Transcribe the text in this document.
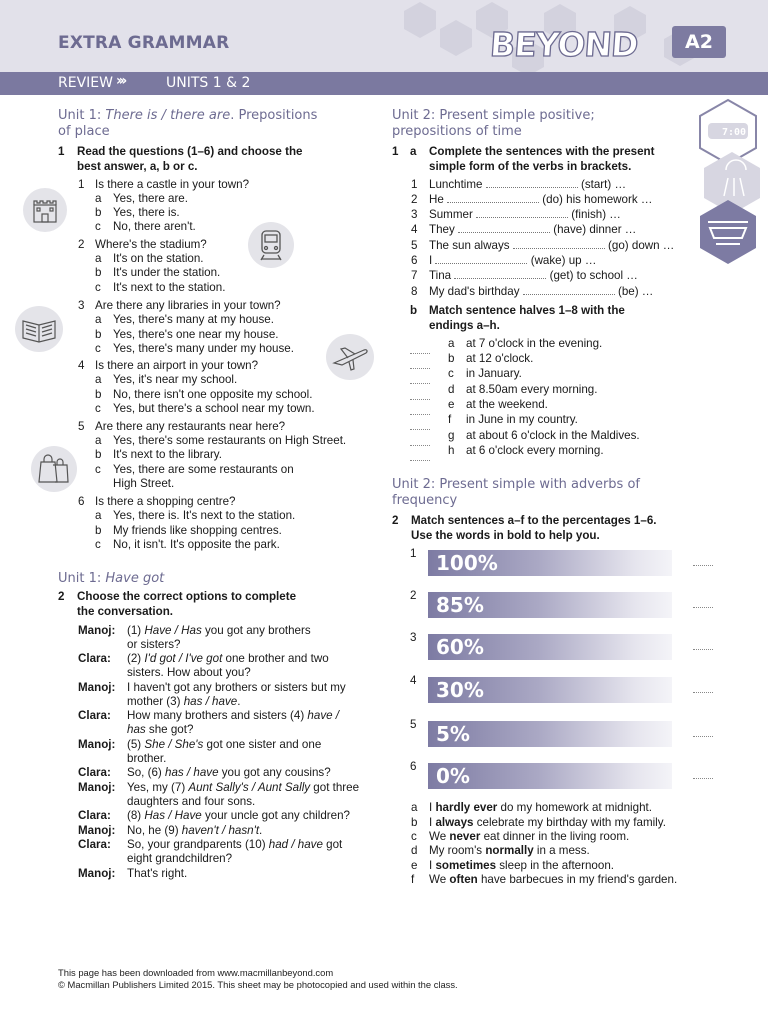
EXTRA GRAMMAR	BEYOND	A2
REVIEW ›››	UNITS 1 & 2
Unit 1: There is / there are. Prepositions
of place
1	Read the questions (1–6) and choose the
best answer, a, b or c.
1 Is there a castle in your town?
a Yes, there are.
b Yes, there is.
c No, there aren't.
2 Where's the stadium?
a It's on the station.
b It's under the station.
c It's next to the station.
3 Are there any libraries in your town?
a Yes, there's many at my house.
b Yes, there's one near my house.
c Yes, there's many under my house.
4 Is there an airport in your town?
a Yes, it's near my school.
b No, there isn't one opposite my school.
c Yes, but there's a school near my town.
5 Are there any restaurants near here?
a Yes, there's some restaurants on High Street.
b It's next to the library.
c Yes, there are some restaurants on
High Street.
6 Is there a shopping centre?
a Yes, there is. It's next to the station.
b My friends like shopping centres.
c No, it isn't. It's opposite the park.
Unit 1: Have got
2	Choose the correct options to complete
the conversation.
Manoj: (1) Have / Has you got any brothers
or sisters?
Clara: (2) I'd got / I've got one brother and two
sisters. How about you?
Manoj: I haven't got any brothers or sisters but my
mother (3) has / have.
Clara: How many brothers and sisters (4) have /
has she got?
Manoj: (5) She / She's got one sister and one
brother.
Clara: So, (6) has / have you got any cousins?
Manoj: Yes, my (7) Aunt Sally's / Aunt Sally got three
daughters and four sons.
Clara: (8) Has / Have your uncle got any children?
Manoj: No, he (9) haven't / hasn't.
Clara: So, your grandparents (10) had / have got
eight grandchildren?
Manoj: That's right.
Unit 2: Present simple positive;
prepositions of time	7:00
1 a	Complete the sentences with the present
simple form of the verbs in brackets.
1 Lunchtime	(start) …
2 He	(do) his homework …
3 Summer	(finish) …
4 They	(have) dinner …
5 The sun always	(go) down …
6 I	(wake) up …
7 Tina	(get) to school …
8 My dad's birthday	(be) …
b	Match sentence halves 1–8 with the
endings a–h.
a at 7 o'clock in the evening.
b at 12 o'clock.
c in January.
d at 8.50am every morning.
e at the weekend.
f in June in my country.
g at about 6 o'clock in the Maldives.
h at 6 o'clock every morning.
Unit 2: Present simple with adverbs of
frequency
2	Match sentences a–f to the percentages 1–6.
Use the words in bold to help you.
1 100%
2 85%
3 60%
4 30%
5 5%
6 0%
a I hardly ever do my homework at midnight.
b I always celebrate my birthday with my family.
c We never eat dinner in the living room.
d My room's normally in a mess.
e I sometimes sleep in the afternoon.
f We often have barbecues in my friend's garden.
This page has been downloaded from www.macmillanbeyond.com
© Macmillan Publishers Limited 2015. This sheet may be photocopied and used within the class.
